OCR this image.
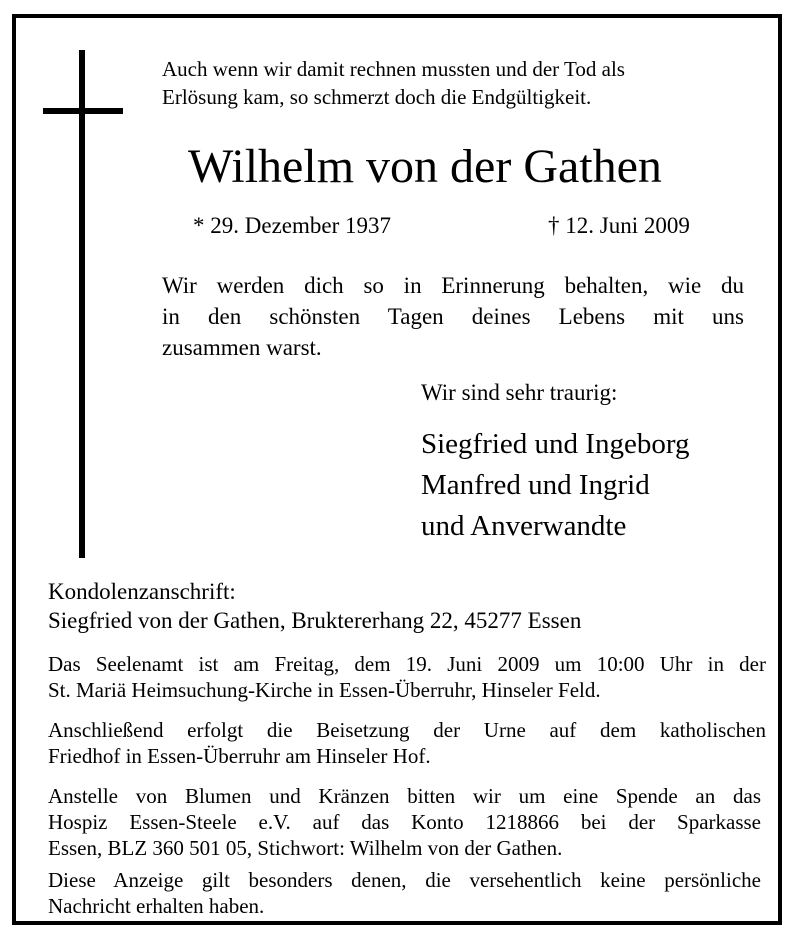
Auch wenn wir damit rechnen mussten und der Tod als
Erlösung kam, so schmerzt doch die Endgültigkeit.

Wilhelm von der Gathen

* 29. Dezember 1937	† 12. Juni 2009

Wir werden dich so in Erinnerung behalten, wie du
in den schönsten Tagen deines Lebens mit uns
zusammen warst.

Wir sind sehr traurig:

Siegfried und Ingeborg
Manfred und Ingrid
und Anverwandte

Kondolenzanschrift:

Siegfried von der Gathen, Bruktererhang 22, 45277 Essen

Das Seelenamt ist am Freitag, dem 19. Juni 2009 um 10:00 Uhr in der
St. Mariä Heimsuchung-Kirche in Essen-Überruhr, Hinseler Feld.

Anschließend erfolgt die Beisetzung der Urne auf dem katholischen
Friedhof in Essen-Überruhr am Hinseler Hof.

Anstelle von Blumen und Kränzen bitten wir um eine Spende an das
Hospiz Essen-Steele e.V. auf das Konto 1218866 bei der Sparkasse
Essen, BLZ 360 501 05, Stichwort: Wilhelm von der Gathen.

Diese Anzeige gilt besonders denen, die versehentlich keine persönliche
Nachricht erhalten haben.
